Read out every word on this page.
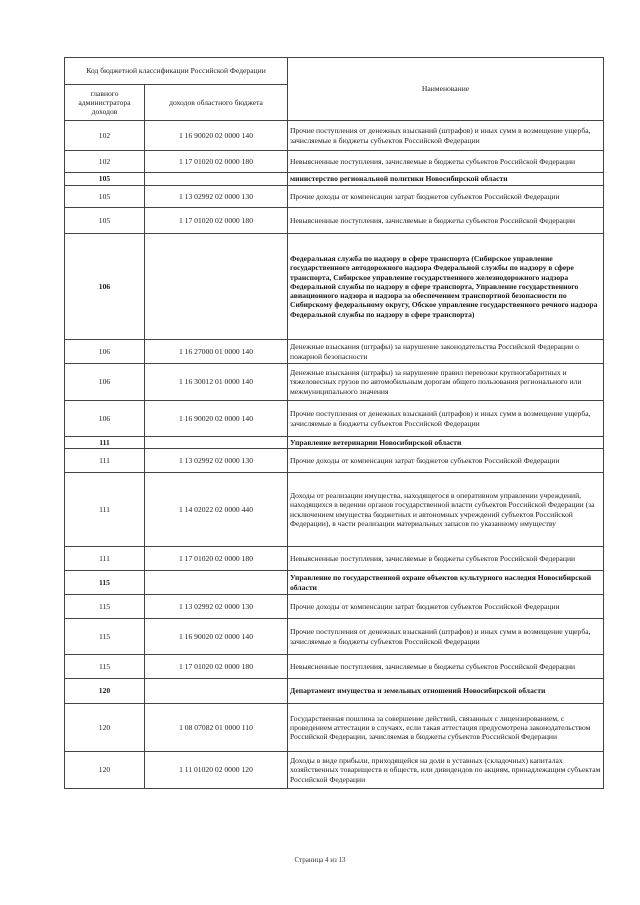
Код бюджетной классификации Российской Федерации		Наименование
главного администратора доходов	доходов областного бюджета	
102	1 16 90020 02 0000 140	Прочие поступления от денежных взысканий (штрафов) и иных сумм в возмещение ущерба, зачисляемые в бюджеты субъектов Российской Федерации
102	1 17 01020 02 0000 180	Невыясненные поступления, зачисляемые в бюджеты субъектов Российской Федерации
105		министерство региональной политики Новосибирской области
105	1 13 02992 02 0000 130	Прочие доходы от компенсации затрат бюджетов субъектов Российской Федерации
105	1 17 01020 02 0000 180	Невыясненные поступления, зачисляемые в бюджеты субъектов Российской Федерации
106		Федеральная служба по надзору в сфере транспорта (Сибирское управление государственного автодорожного надзора Федеральной службы по надзору в сфере транспорта, Сибирское управление государственного железнодорожного надзора Федеральной службы по надзору в сфере транспорта, Управление государственного авиационного надзора и надзора за обеспечением транспортной безопасности по Сибирскому федеральному округу, Обское управление государственного речного надзора Федеральной службы по надзору в сфере транспорта)
106	1 16 27000 01 0000 140	Денежные взыскания (штрафы) за нарушение законодательства Российской Федерации о пожарной безопасности
106	1 16 30012 01 0000 140	Денежные взыскания (штрафы) за нарушение правил перевозки крупногабаритных и тяжеловесных грузов по автомобильным дорогам общего пользования регионального или межмуниципального значения
106	1 16 90020 02 0000 140	Прочие поступления от денежных взысканий (штрафов) и иных сумм в возмещение ущерба, зачисляемые в бюджеты субъектов Российской Федерации
111		Управление ветеринарии Новосибирской области
111	1 13 02992 02 0000 130	Прочие доходы от компенсации затрат бюджетов субъектов Российской Федерации
111	1 14 02022 02 0000 440	Доходы от реализации имущества, находящегося в оперативном управлении учреждений, находящихся в ведении органов государственной власти субъектов Российской Федерации (за исключением имущества бюджетных и автономных учреждений субъектов Российской Федерации), в части реализации материальных запасов по указанному имуществу
111	1 17 01020 02 0000 180	Невыясненные поступления, зачисляемые в бюджеты субъектов Российской Федерации
115		Управление по государственной охране объектов культурного наследия Новосибирской области
115	1 13 02992 02 0000 130	Прочие доходы от компенсации затрат бюджетов субъектов Российской Федерации
115	1 16 90020 02 0000 140	Прочие поступления от денежных взысканий (штрафов) и иных сумм в возмещение ущерба, зачисляемые в бюджеты субъектов Российской Федерации
115	1 17 01020 02 0000 180	Невыясненные поступления, зачисляемые в бюджеты субъектов Российской Федерации
120		Департамент имущества и земельных отношений Новосибирской области
120	1 08 07082 01 0000 110	Государственная пошлина за совершение действий, связанных с лицензированием, с проведением аттестации в случаях, если такая аттестация предусмотрена законодательством Российской Федерации, зачисляемая в бюджеты субъектов Российской Федерации
120	1 11 01020 02 0000 120	Доходы в виде прибыли, приходящейся на доли в уставных (складочных) капиталах хозяйственных товариществ и обществ, или дивидендов по акциям, принадлежащим субъектам Российской Федерации
Страница 4 из 13
